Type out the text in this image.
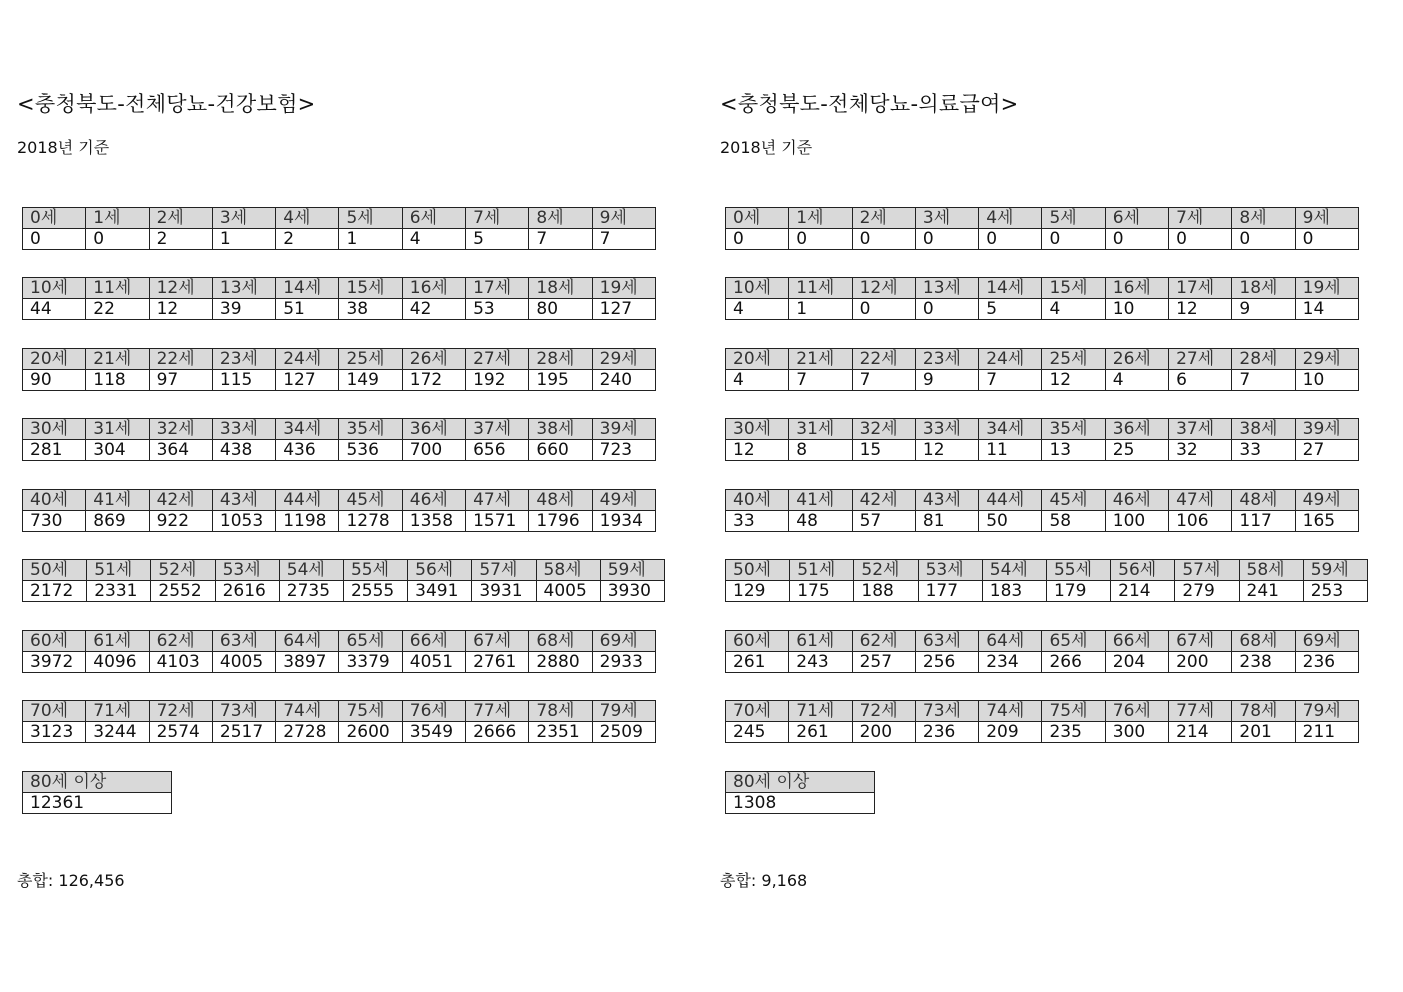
<충청북도-전체당뇨-건강보험>
2018년 기준
0세	1세	2세	3세	4세	5세	6세	7세	8세	9세
0	0	2	1	2	1	4	5	7	7
10세	11세	12세	13세	14세	15세	16세	17세	18세	19세
44	22	12	39	51	38	42	53	80	127
20세	21세	22세	23세	24세	25세	26세	27세	28세	29세
90	118	97	115	127	149	172	192	195	240
30세	31세	32세	33세	34세	35세	36세	37세	38세	39세
281	304	364	438	436	536	700	656	660	723
40세	41세	42세	43세	44세	45세	46세	47세	48세	49세
730	869	922	1053	1198	1278	1358	1571	1796	1934
50세	51세	52세	53세	54세	55세	56세	57세	58세	59세
2172	2331	2552	2616	2735	2555	3491	3931	4005	3930
60세	61세	62세	63세	64세	65세	66세	67세	68세	69세
3972	4096	4103	4005	3897	3379	4051	2761	2880	2933
70세	71세	72세	73세	74세	75세	76세	77세	78세	79세
3123	3244	2574	2517	2728	2600	3549	2666	2351	2509
80세 이상
12361
총합: 126,456
<충청북도-전체당뇨-의료급여>
2018년 기준
0세	1세	2세	3세	4세	5세	6세	7세	8세	9세
0	0	0	0	0	0	0	0	0	0
10세	11세	12세	13세	14세	15세	16세	17세	18세	19세
4	1	0	0	5	4	10	12	9	14
20세	21세	22세	23세	24세	25세	26세	27세	28세	29세
4	7	7	9	7	12	4	6	7	10
30세	31세	32세	33세	34세	35세	36세	37세	38세	39세
12	8	15	12	11	13	25	32	33	27
40세	41세	42세	43세	44세	45세	46세	47세	48세	49세
33	48	57	81	50	58	100	106	117	165
50세	51세	52세	53세	54세	55세	56세	57세	58세	59세
129	175	188	177	183	179	214	279	241	253
60세	61세	62세	63세	64세	65세	66세	67세	68세	69세
261	243	257	256	234	266	204	200	238	236
70세	71세	72세	73세	74세	75세	76세	77세	78세	79세
245	261	200	236	209	235	300	214	201	211
80세 이상
1308
총합: 9,168
